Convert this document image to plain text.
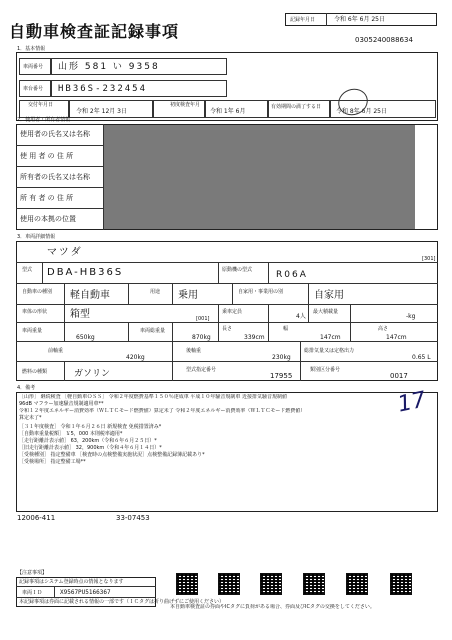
自動車検査証記録事項
記録年月日	令和 6年 6月 25日
0305240088634
1．基本情報
車両番号 山形 581 い 9358
車台番号 HB36S-232454
交付年月日
令和 2年 12月 3日
初度検査年月
令和 1年 6月
有効期間の満了する日
令和 8年 6月 25日
2．使用者・所有者情報
使用者の氏名又は名称
使 用 者 の 住 所
所有者の氏名又は名称
所 有 者 の 住 所
使用の本拠の位置
3．車両詳細情報
マツダ
[301]
型式 DBA-HB36S	原動機の型式	R06A
自動車の種別 軽自動車	用途 乗用	自家用・事業用の別	自家用
車体の形状 箱型	[001]
乗車定員
4人
最大積載量
-kg
車両重量
650kg
車両総重量
870kg
長さ
339cm
幅
147cm
高さ
147cm
前軸重
420kg
後軸重
230kg
総排気量又は定格出力
0.65 L
燃料の種類	ガソリン	型式指定番号
17955
類別区分番号
0017
4．備考
［山形］ 継続検査 ［軽自動車ＯＳＳ］ 令和２年度燃費基準１５０％達成車 平成１０年騒音規制車 近接排気騒音規制値
96dB マフラー加速騒音規制適用車**
令和１２年度エネルギー消費効率（ＷＬＴＣモード燃費値）算定未了 令和２年度エネルギー消費効率（ＷＬＴＣモード燃費値）
算定未了*
［３１年度検査］ 令和１年６月２６日 新規検査 免税措置済み*
［自動車重量税額］ ￥5，000 本則税率適用*
［走行距離計表示値］ 63，200km（令和６年６月２５日）*
［旧走行距離計表示値］ 32，900km（令和４年６月１４日）*
［受検種別］ 指定整備車 ［検査時の点検整備実施状況］点検整備記録簿記載あり*
［受検場所］ 指定整備工場**
17
12006-411	33-07453
【注意事項】
記録事項はシステム登録時点の情報となります
車両ＩＤ	X9567PU5166367
本記録事項は券面に記載される情報の一部です（ＩＣタグは折り曲げずにご使用ください）
本自動車検査証の券面やICタグに負荷がある場合、券面及びICタグの交換をしてください。
